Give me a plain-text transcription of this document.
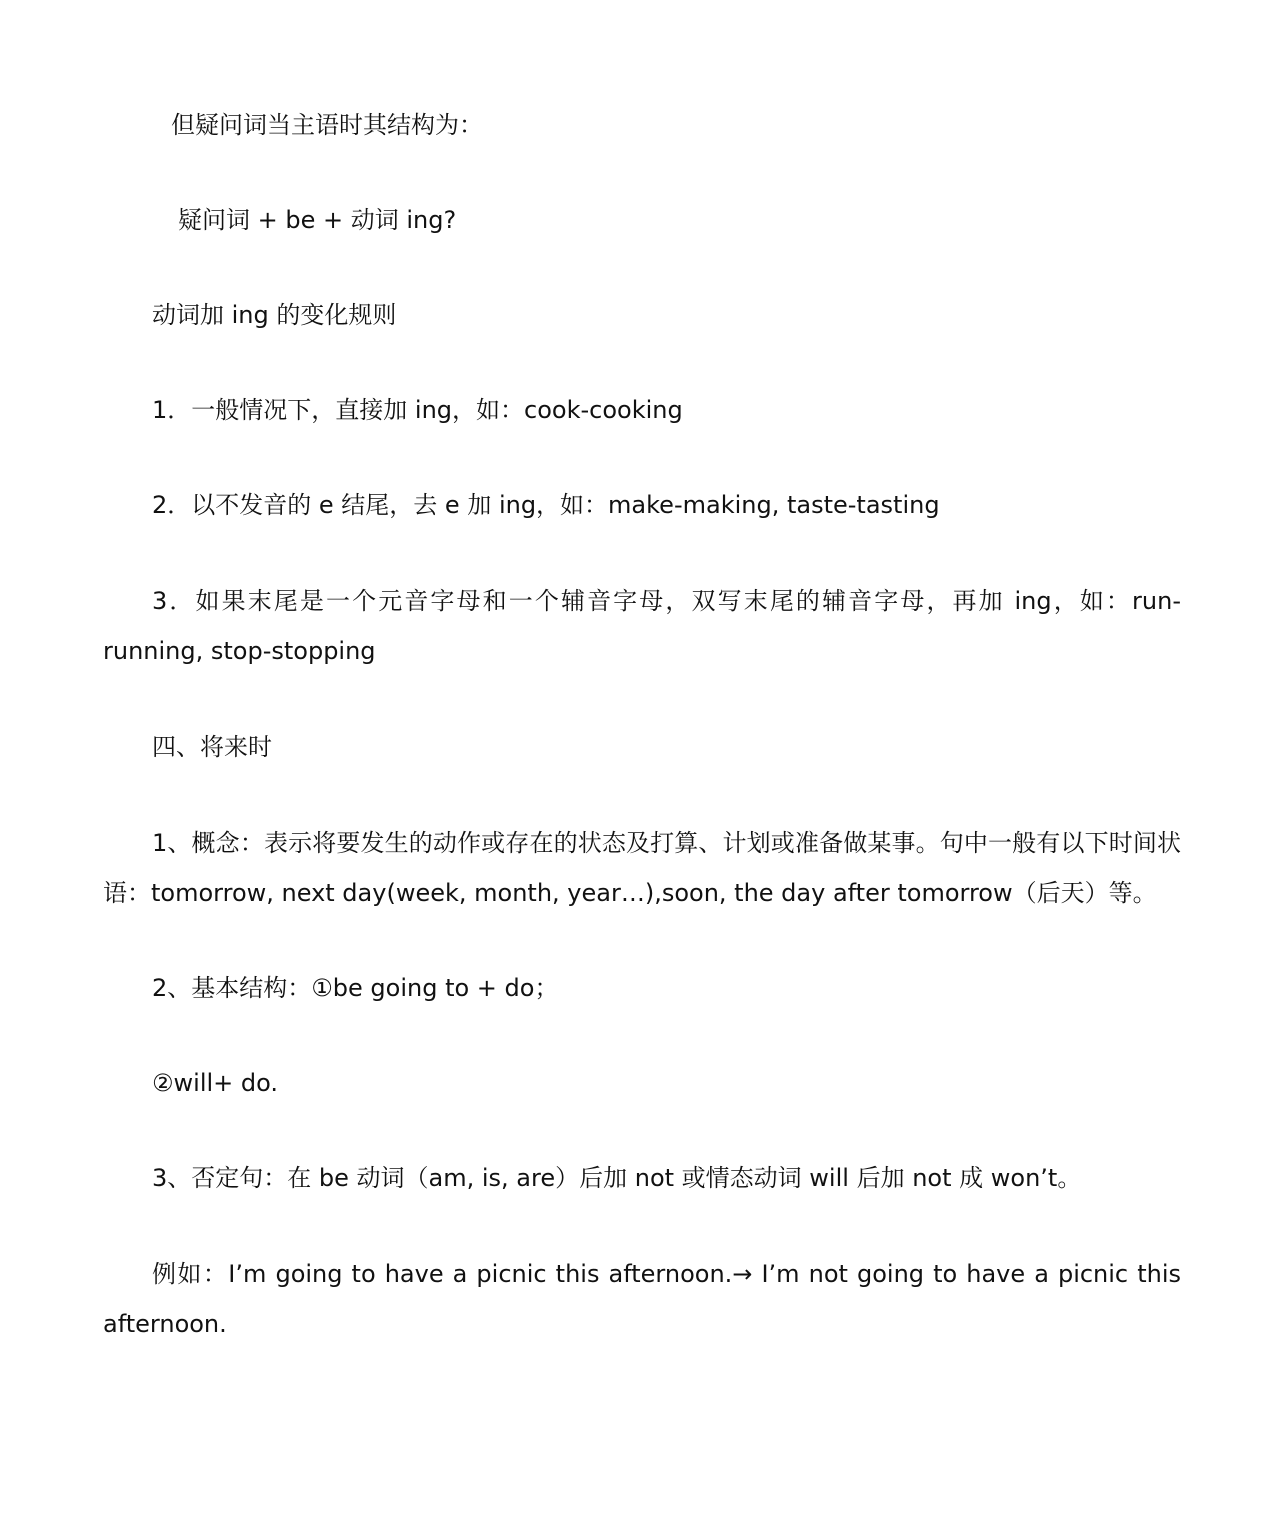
但疑问词当主语时其结构为：
疑问词 + be + 动词 ing?
动词加 ing 的变化规则
1．一般情况下，直接加 ing，如：cook-cooking
2．以不发音的 e 结尾，去 e 加 ing，如：make-making, taste-tasting
3．如果末尾是一个元音字母和一个辅音字母，双写末尾的辅音字母，再加 ing，如：run-running, stop-stopping
四、将来时
1、概念：表示将要发生的动作或存在的状态及打算、计划或准备做某事。句中一般有以下时间状语：tomorrow, next day(week, month, year…),soon, the day after tomorrow（后天）等。
2、基本结构：①be going to + do；
②will+ do.
3、否定句：在 be 动词（am, is, are）后加 not 或情态动词 will 后加 not 成 won’t。
例如：I’m going to have a picnic this afternoon.→ I’m not going to have a picnic this afternoon.
